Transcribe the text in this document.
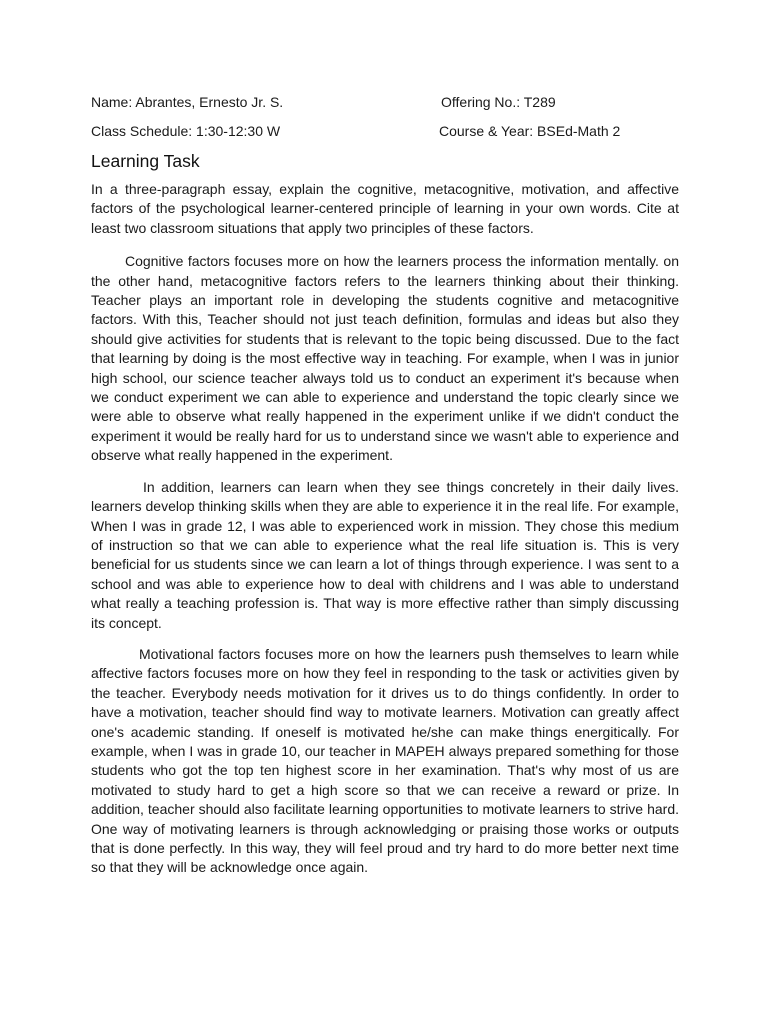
Name: Abrantes, Ernesto Jr. S.	Offering No.: T289
Class Schedule: 1:30-12:30 W	Course & Year: BSEd-Math 2
Learning Task

In a three-paragraph essay, explain the cognitive, metacognitive, motivation, and affective factors of the psychological learner-centered principle of learning in your own words. Cite at least two classroom situations that apply two principles of these factors.

Cognitive factors focuses more on how the learners process the information mentally. on the other hand, metacognitive factors refers to the learners thinking about their thinking. Teacher plays an important role in developing the students cognitive and metacognitive factors. With this, Teacher should not just teach definition, formulas and ideas but also they should give activities for students that is relevant to the topic being discussed. Due to the fact that learning by doing is the most effective way in teaching. For example, when I was in junior high school, our science teacher always told us to conduct an experiment it's because when we conduct experiment we can able to experience and understand the topic clearly since we were able to observe what really happened in the experiment unlike if we didn't conduct the experiment it would be really hard for us to understand since we wasn't able to experience and observe what really happened in the experiment.

In addition, learners can learn when they see things concretely in their daily lives. learners develop thinking skills when they are able to experience it in the real life. For example, When I was in grade 12, I was able to experienced work in mission. They chose this medium of instruction so that we can able to experience what the real life situation is. This is very beneficial for us students since we can learn a lot of things through experience. I was sent to a school and was able to experience how to deal with childrens and I was able to understand what really a teaching profession is. That way is more effective rather than simply discussing its concept.

Motivational factors focuses more on how the learners push themselves to learn while affective factors focuses more on how they feel in responding to the task or activities given by the teacher. Everybody needs motivation for it drives us to do things confidently. In order to have a motivation, teacher should find way to motivate learners. Motivation can greatly affect one's academic standing. If oneself is motivated he/she can make things energitically. For example, when I was in grade 10, our teacher in MAPEH always prepared something for those students who got the top ten highest score in her examination. That's why most of us are motivated to study hard to get a high score so that we can receive a reward or prize. In addition, teacher should also facilitate learning opportunities to motivate learners to strive hard. One way of motivating learners is through acknowledging or praising those works or outputs that is done perfectly. In this way, they will feel proud and try hard to do more better next time so that they will be acknowledge once again.
